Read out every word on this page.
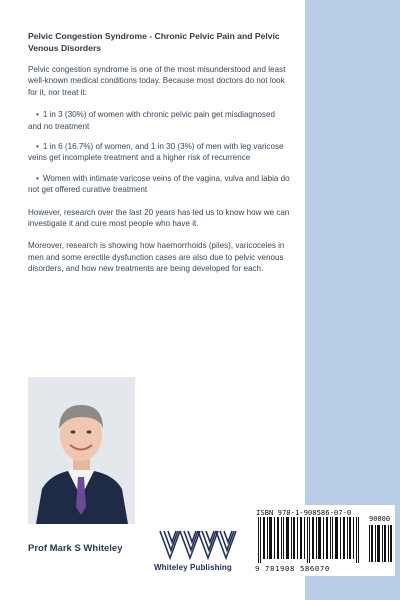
Pelvic Congestion Syndrome - Chronic Pelvic Pain and Pelvic Venous Disorders

Pelvic congestion syndrome is one of the most misunderstood and least well-known medical conditions today. Because most doctors do not look for it, nor treat it:

• 1 in 3 (30%) of women with chronic pelvic pain get misdiagnosed and no treatment
• 1 in 6 (16.7%) of women, and 1 in 30 (3%) of men with leg varicose veins get incomplete treatment and a higher risk of recurrence
• Women with intimate varicose veins of the vagina, vulva and labia do not get offered curative treatment

However, research over the last 20 years has led us to know how we can investigate it and cure most people who have it.

Moreover, research is showing how haemorrhoids (piles), varicoceles in men and some erectile dysfunction cases are also due to pelvic venous disorders, and how new treatments are being developed for each.

Prof Mark S Whiteley
Whiteley Publishing
ISBN 978-1-908586-07-0
90000
9 781908 586070
